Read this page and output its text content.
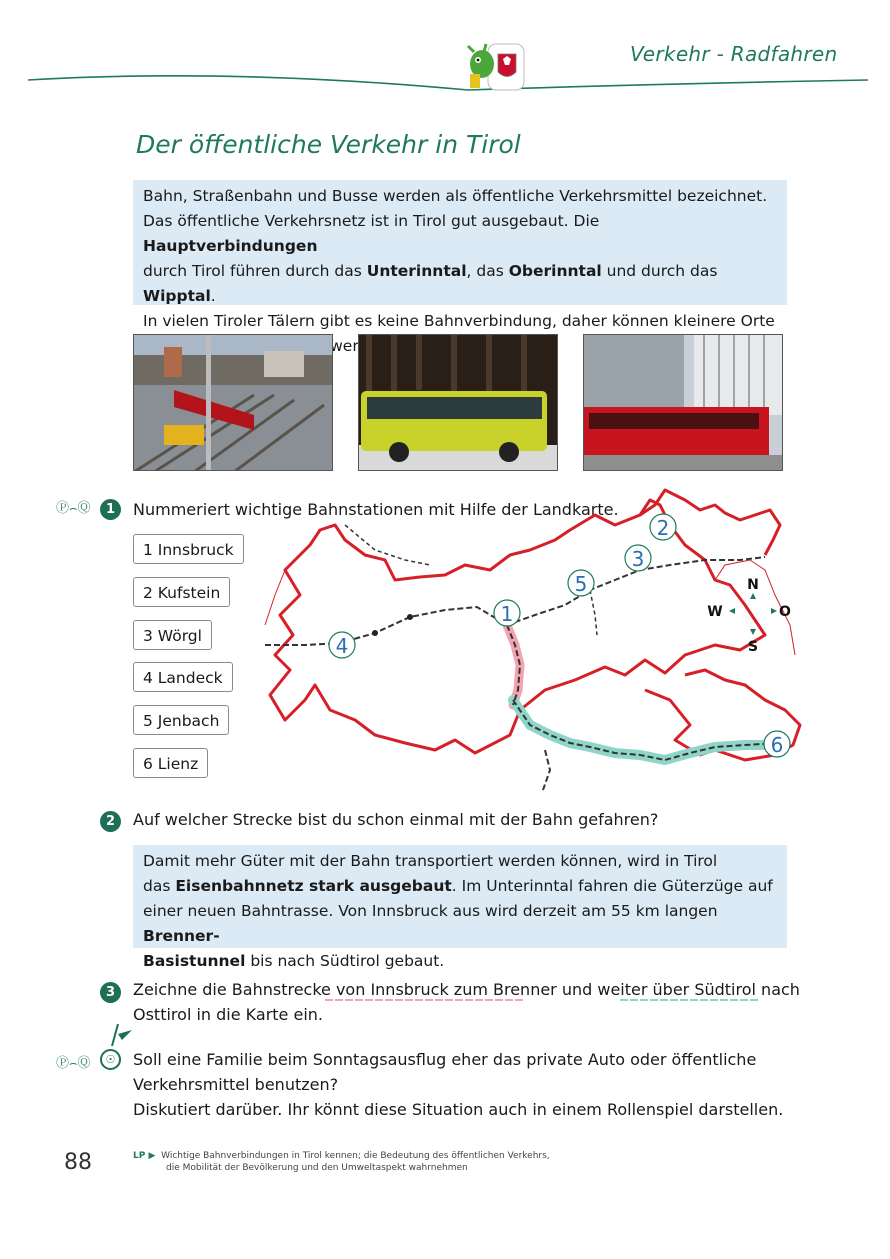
Verkehr - Radfahren
Der öffentliche Verkehr in Tirol
Bahn, Straßenbahn und Busse werden als öffentliche Verkehrsmittel bezeichnet.
Das öffentliche Verkehrsnetz ist in Tirol gut ausgebaut. Die Hauptverbindungen
durch Tirol führen durch das Unterinntal, das Oberinntal und durch das Wipptal.
In vielen Tiroler Tälern gibt es keine Bahnverbindung, daher können kleinere Orte
Ⓟ⌢Ⓠ	1	Nummeriert wichtige Bahnstationen mit Hilfe der Landkarte.
1 Innsbruck
2 Kufstein
3 Wörgl
4 Landeck
5 Jenbach
6 Lienz
1
2
3
4
5
6
N
S
W	O
2	Auf welcher Strecke bist du schon einmal mit der Bahn gefahren?
Damit mehr Güter mit der Bahn transportiert werden können, wird in Tirol
das Eisenbahnnetz stark ausgebaut. Im Unterinntal fahren die Güterzüge auf
einer neuen Bahntrasse. Von Innsbruck aus wird derzeit am 55 km langen Brenner-
Basistunnel bis nach Südtirol gebaut.
3	Zeichne die Bahnstrecke von Innsbruck zum Brenner und weiter über Südtirol nach
Osttirol in die Karte ein.
Ⓟ⌢Ⓠ	☉	Soll eine Familie beim Sonntagsausflug eher das private Auto oder öffentliche
Verkehrsmittel benutzen?
Diskutiert darüber. Ihr könnt diese Situation auch in einem Rollenspiel darstellen.
88	LP ▶ Wichtige Bahnverbindungen in Tirol kennen; die Bedeutung des öffentlichen Verkehrs,
die Mobilität der Bevölkerung und den Umweltaspekt wahrnehmen
